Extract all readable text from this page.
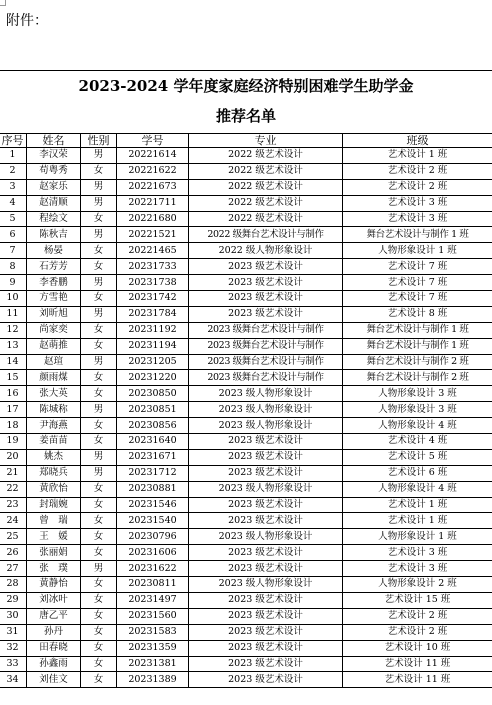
附件：
2023-2024 学年度家庭经济特别困难学生助学金
推荐名单
序号	姓名	性别	学号	专业	班级
1	李汉荣	男	20221614	2022 级艺术设计	艺术设计 1 班
2	苟粤秀	女	20221622	2022 级艺术设计	艺术设计 2 班
3	赵家乐	男	20221673	2022 级艺术设计	艺术设计 2 班
4	赵清顺	男	20221711	2022 级艺术设计	艺术设计 3 班
5	程绘文	女	20221680	2022 级艺术设计	艺术设计 3 班
6	陈秋吉	男	20221521	2022 级舞台艺术设计与制作	舞台艺术设计与制作 1 班
7	杨晏	女	20221465	2022 级人物形象设计	人物形象设计 1 班
8	石芳芳	女	20231733	2023 级艺术设计	艺术设计 7 班
9	李香鹏	男	20231738	2023 级艺术设计	艺术设计 7 班
10	方雪艳	女	20231742	2023 级艺术设计	艺术设计 7 班
11	刘昕旭	男	20231784	2023 级艺术设计	艺术设计 8 班
12	尚家奕	女	20231192	2023 级舞台艺术设计与制作	舞台艺术设计与制作 1 班
13	赵萌推	女	20231194	2023 级舞台艺术设计与制作	舞台艺术设计与制作 1 班
14	赵瑄	男	20231205	2023 级舞台艺术设计与制作	舞台艺术设计与制作 2 班
15	颜雨煤	女	20231220	2023 级舞台艺术设计与制作	舞台艺术设计与制作 2 班
16	张大英	女	20230850	2023 级人物形象设计	人物形象设计 3 班
17	陈城称	男	20230851	2023 级人物形象设计	人物形象设计 3 班
18	尹海燕	女	20230856	2023 级人物形象设计	人物形象设计 4 班
19	姜苗苗	女	20231640	2023 级艺术设计	艺术设计 4 班
20	姚杰	男	20231671	2023 级艺术设计	艺术设计 5 班
21	郑晓兵	男	20231712	2023 级艺术设计	艺术设计 6 班
22	黄欣怡	女	20230881	2023 级人物形象设计	人物形象设计 4 班
23	封瑞婉	女	20231546	2023 级艺术设计	艺术设计 1 班
24	曾　瑞	女	20231540	2023 级艺术设计	艺术设计 1 班
25	王　媛	女	20230796	2023 级人物形象设计	人物形象设计 1 班
26	张丽娟	女	20231606	2023 级艺术设计	艺术设计 3 班
27	张　璞	男	20231622	2023 级艺术设计	艺术设计 3 班
28	黄静怡	女	20230811	2023 级人物形象设计	人物形象设计 2 班
29	刘冰叶	女	20231497	2023 级艺术设计	艺术设计 15 班
30	唐乙平	女	20231560	2023 级艺术设计	艺术设计 2 班
31	孙丹	女	20231583	2023 级艺术设计	艺术设计 2 班
32	田春晓	女	20231359	2023 级艺术设计	艺术设计 10 班
33	孙鑫雨	女	20231381	2023 级艺术设计	艺术设计 11 班
34	刘佳文	女	20231389	2023 级艺术设计	艺术设计 11 班
